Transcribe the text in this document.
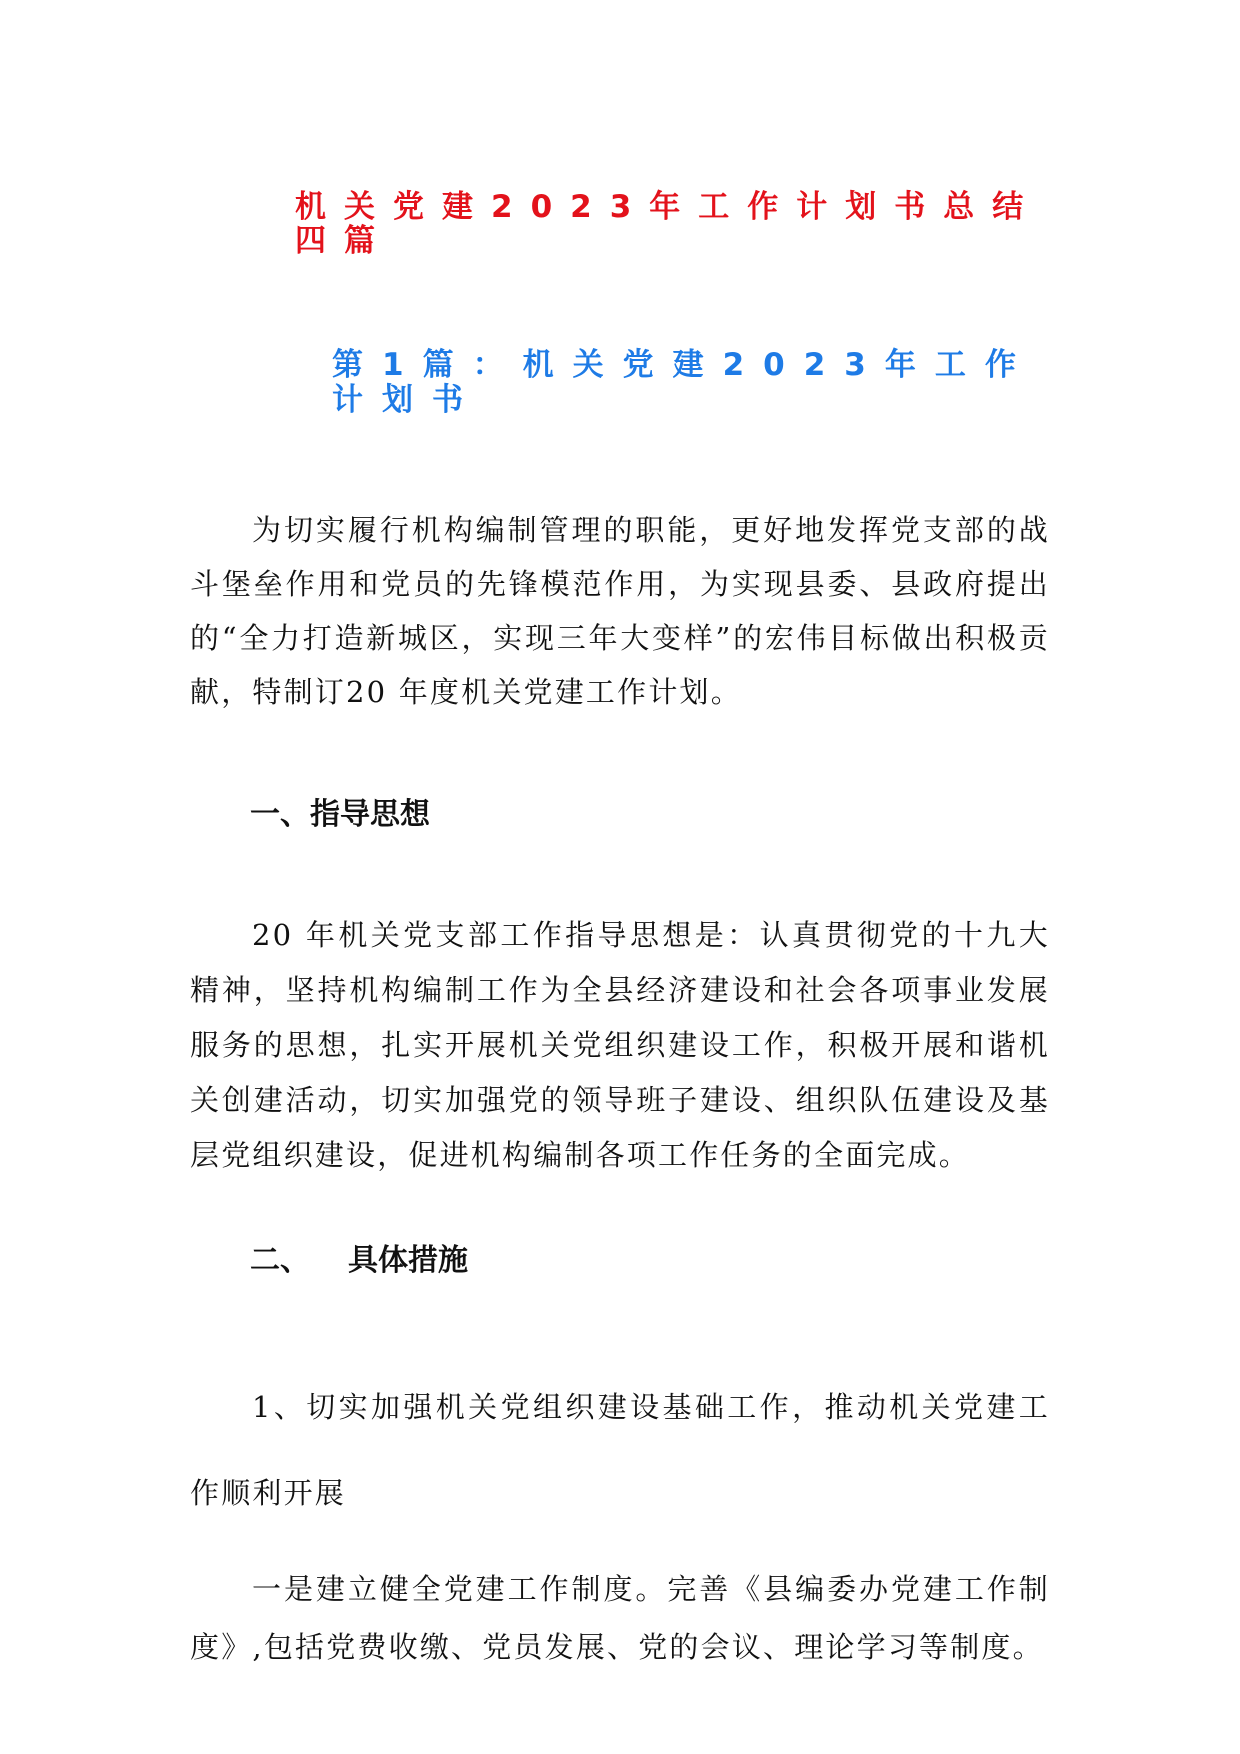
机关党建2023年工作计划书总结四篇
第1篇：机关党建2023年工作计划书

为切实履行机构编制管理的职能，更好地发挥党支部的战斗堡垒作用和党员的先锋模范作用，为实现县委、县政府提出的“全力打造新城区，实现三年大变样”的宏伟目标做出积极贡献，特制订20 年度机关党建工作计划。

一、指导思想

20 年机关党支部工作指导思想是：认真贯彻党的十九大精神，坚持机构编制工作为全县经济建设和社会各项事业发展服务的思想，扎实开展机关党组织建设工作，积极开展和谐机关创建活动，切实加强党的领导班子建设、组织队伍建设及基层党组织建设，促进机构编制各项工作任务的全面完成。

二、 具体措施

1、切实加强机关党组织建设基础工作，推动机关党建工作顺利开展

一是建立健全党建工作制度。完善《县编委办党建工作制度》,包括党费收缴、党员发展、党的会议、理论学习等制度。
